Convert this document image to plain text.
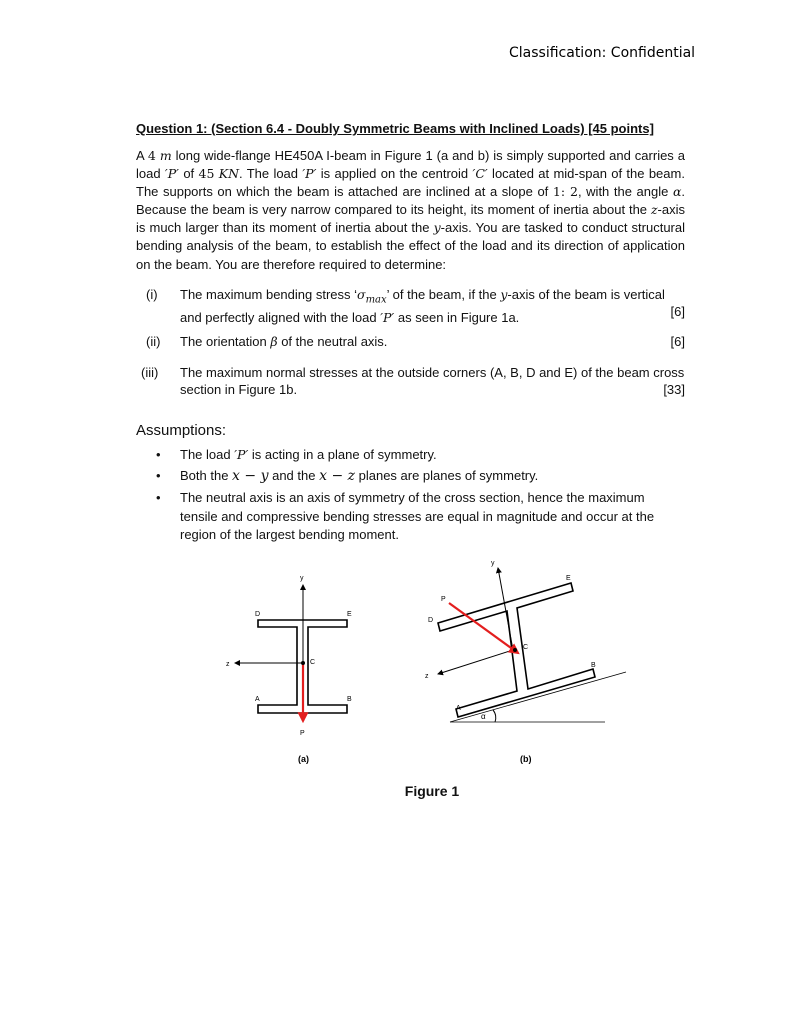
Classification: Confidential
Question 1: (Section 6.4 - Doubly Symmetric Beams with Inclined Loads) [45 points]

A 4 m long wide-flange HE450A I-beam in Figure 1 (a and b) is simply supported and carries a load ′P′ of 45 KN. The load ′P′ is applied on the centroid ′C′ located at mid-span of the beam. The supports on which the beam is attached are inclined at a slope of 1: 2, with the angle α. Because the beam is very narrow compared to its height, its moment of inertia about the z-axis is much larger than its moment of inertia about the y-axis. You are tasked to conduct structural bending analysis of the beam, to establish the effect of the load and its direction of application on the beam. You are therefore required to determine:

(i) The maximum bending stress ‘$\sigma_{max}$’ of the beam, if the y-axis of the beam is vertical and perfectly aligned with the load ′P′ as seen in Figure 1a.	[6]
(ii) The orientation β of the neutral axis.	[6]
(iii) The maximum normal stresses at the outside corners (A, B, D and E) of the beam cross section in Figure 1b.	[33]
Assumptions:
• The load ′P′ is acting in a plane of symmetry.
• Both the x − y and the x − z planes are planes of symmetry.
• The neutral axis is an axis of symmetry of the cross section, hence the maximum tensile and compressive bending stresses are equal in magnitude and occur at the region of the largest bending moment.
y
z	C
D	E
A	B
P
(a)
y
z
C
D
E
A
B
P
α
(b)
Figure 1
